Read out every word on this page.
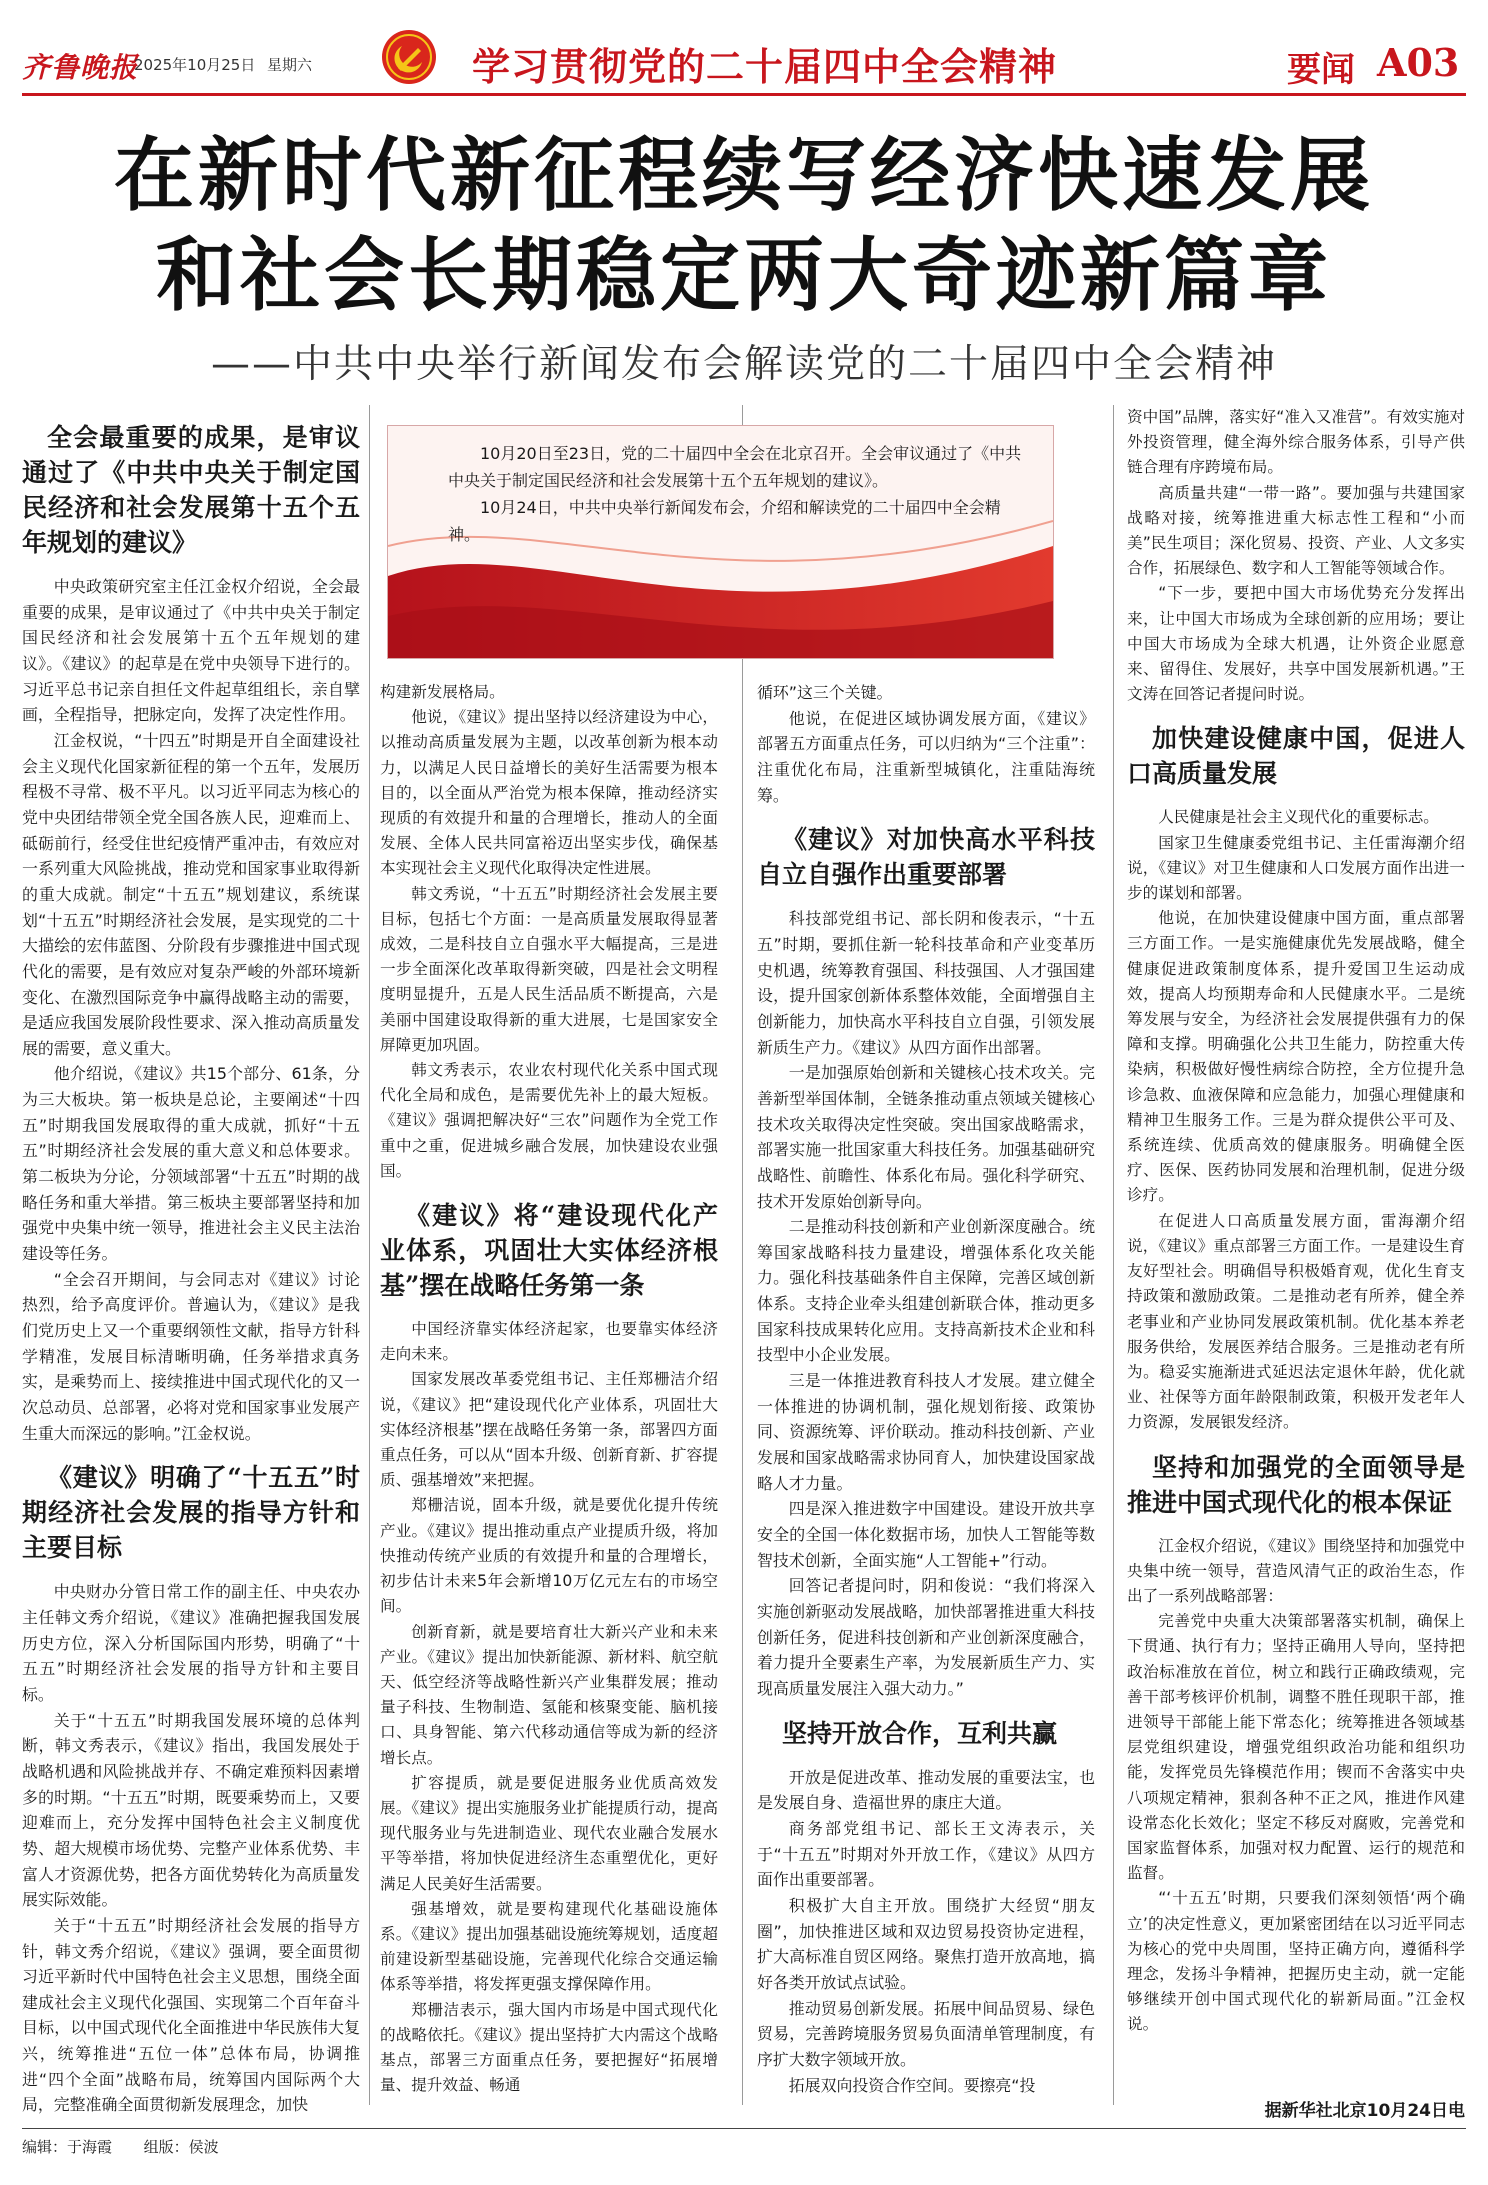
齐鲁晚报
2025年10月25日 星期六	学习贯彻党的二十届四中全会精神	要闻 A03
在新时代新征程续写经济快速发展
和社会长期稳定两大奇迹新篇章
——中共中央举行新闻发布会解读党的二十届四中全会精神

10月20日至23日，党的二十届四中全会在北京召开。全会审议通过了《中共中央关于制定国民经济和社会发展第十五个五年规划的建议》。

10月24日，中共中央举行新闻发布会，介绍和解读党的二十届四中全会精神。

全会最重要的成果，是审议通过了《中共中央关于制定国民经济和社会发展第十五个五年规划的建议》

中央政策研究室主任江金权介绍说，全会最重要的成果，是审议通过了《中共中央关于制定国民经济和社会发展第十五个五年规划的建议》。《建议》的起草是在党中央领导下进行的。习近平总书记亲自担任文件起草组组长，亲自擘画，全程指导，把脉定向，发挥了决定性作用。

江金权说，“十四五”时期是开自全面建设社会主义现代化国家新征程的第一个五年，发展历程极不寻常、极不平凡。以习近平同志为核心的党中央团结带领全党全国各族人民，迎难而上、砥砺前行，经受住世纪疫情严重冲击，有效应对一系列重大风险挑战，推动党和国家事业取得新的重大成就。制定“十五五”规划建议，系统谋划“十五五”时期经济社会发展，是实现党的二十大描绘的宏伟蓝图、分阶段有步骤推进中国式现代化的需要，是有效应对复杂严峻的外部环境新变化、在激烈国际竞争中赢得战略主动的需要，是适应我国发展阶段性要求、深入推动高质量发展的需要，意义重大。

他介绍说，《建议》共15个部分、61条，分为三大板块。第一板块是总论，主要阐述“十四五”时期我国发展取得的重大成就，抓好“十五五”时期经济社会发展的重大意义和总体要求。第二板块为分论，分领域部署“十五五”时期的战略任务和重大举措。第三板块主要部署坚持和加强党中央集中统一领导，推进社会主义民主法治建设等任务。

“全会召开期间，与会同志对《建议》讨论热烈，给予高度评价。普遍认为，《建议》是我们党历史上又一个重要纲领性文献，指导方针科学精准，发展目标清晰明确，任务举措求真务实，是乘势而上、接续推进中国式现代化的又一次总动员、总部署，必将对党和国家事业发展产生重大而深远的影响。”江金权说。

《建议》明确了“十五五”时期经济社会发展的指导方针和主要目标

中央财办分管日常工作的副主任、中央农办主任韩文秀介绍说，《建议》准确把握我国发展历史方位，深入分析国际国内形势，明确了“十五五”时期经济社会发展的指导方针和主要目标。

关于“十五五”时期我国发展环境的总体判断，韩文秀表示，《建议》指出，我国发展处于战略机遇和风险挑战并存、不确定难预料因素增多的时期。“十五五”时期，既要乘势而上，又要迎难而上，充分发挥中国特色社会主义制度优势、超大规模市场优势、完整产业体系优势、丰富人才资源优势，把各方面优势转化为高质量发展实际效能。

关于“十五五”时期经济社会发展的指导方针，韩文秀介绍说，《建议》强调，要全面贯彻习近平新时代中国特色社会主义思想，围绕全面建成社会主义现代化强国、实现第二个百年奋斗目标，以中国式现代化全面推进中华民族伟大复兴，统筹推进“五位一体”总体布局，协调推进“四个全面”战略布局，统筹国内国际两个大局，完整准确全面贯彻新发展理念，加快

构建新发展格局。

他说，《建议》提出坚持以经济建设为中心，以推动高质量发展为主题，以改革创新为根本动力，以满足人民日益增长的美好生活需要为根本目的，以全面从严治党为根本保障，推动经济实现质的有效提升和量的合理增长，推动人的全面发展、全体人民共同富裕迈出坚实步伐，确保基本实现社会主义现代化取得决定性进展。

韩文秀说，“十五五”时期经济社会发展主要目标，包括七个方面：一是高质量发展取得显著成效，二是科技自立自强水平大幅提高，三是进一步全面深化改革取得新突破，四是社会文明程度明显提升，五是人民生活品质不断提高，六是美丽中国建设取得新的重大进展，七是国家安全屏障更加巩固。

韩文秀表示，农业农村现代化关系中国式现代化全局和成色，是需要优先补上的最大短板。《建议》强调把解决好“三农”问题作为全党工作重中之重，促进城乡融合发展，加快建设农业强国。

《建议》将“建设现代化产业体系，巩固壮大实体经济根基”摆在战略任务第一条

中国经济靠实体经济起家，也要靠实体经济走向未来。

国家发展改革委党组书记、主任郑栅洁介绍说，《建议》把“建设现代化产业体系，巩固壮大实体经济根基”摆在战略任务第一条，部署四方面重点任务，可以从“固本升级、创新育新、扩容提质、强基增效”来把握。

郑栅洁说，固本升级，就是要优化提升传统产业。《建议》提出推动重点产业提质升级，将加快推动传统产业质的有效提升和量的合理增长，初步估计未来5年会新增10万亿元左右的市场空间。

创新育新，就是要培育壮大新兴产业和未来产业。《建议》提出加快新能源、新材料、航空航天、低空经济等战略性新兴产业集群发展；推动量子科技、生物制造、氢能和核聚变能、脑机接口、具身智能、第六代移动通信等成为新的经济增长点。

扩容提质，就是要促进服务业优质高效发展。《建议》提出实施服务业扩能提质行动，提高现代服务业与先进制造业、现代农业融合发展水平等举措，将加快促进经济生态重塑优化，更好满足人民美好生活需要。

强基增效，就是要构建现代化基础设施体系。《建议》提出加强基础设施统筹规划，适度超前建设新型基础设施，完善现代化综合交通运输体系等举措，将发挥更强支撑保障作用。

郑栅洁表示，强大国内市场是中国式现代化的战略依托。《建议》提出坚持扩大内需这个战略基点，部署三方面重点任务，要把握好“拓展增量、提升效益、畅通

循环”这三个关键。

他说，在促进区域协调发展方面，《建议》部署五方面重点任务，可以归纳为“三个注重”：注重优化布局，注重新型城镇化，注重陆海统筹。

《建议》对加快高水平科技自立自强作出重要部署

科技部党组书记、部长阴和俊表示，“十五五”时期，要抓住新一轮科技革命和产业变革历史机遇，统筹教育强国、科技强国、人才强国建设，提升国家创新体系整体效能，全面增强自主创新能力，加快高水平科技自立自强，引领发展新质生产力。《建议》从四方面作出部署。

一是加强原始创新和关键核心技术攻关。完善新型举国体制，全链条推动重点领域关键核心技术攻关取得决定性突破。突出国家战略需求，部署实施一批国家重大科技任务。加强基础研究战略性、前瞻性、体系化布局。强化科学研究、技术开发原始创新导向。

二是推动科技创新和产业创新深度融合。统筹国家战略科技力量建设，增强体系化攻关能力。强化科技基础条件自主保障，完善区域创新体系。支持企业牵头组建创新联合体，推动更多国家科技成果转化应用。支持高新技术企业和科技型中小企业发展。

三是一体推进教育科技人才发展。建立健全一体推进的协调机制，强化规划衔接、政策协同、资源统筹、评价联动。推动科技创新、产业发展和国家战略需求协同育人，加快建设国家战略人才力量。

四是深入推进数字中国建设。建设开放共享安全的全国一体化数据市场，加快人工智能等数智技术创新，全面实施“人工智能+”行动。

回答记者提问时，阴和俊说：“我们将深入实施创新驱动发展战略，加快部署推进重大科技创新任务，促进科技创新和产业创新深度融合，着力提升全要素生产率，为发展新质生产力、实现高质量发展注入强大动力。”

坚持开放合作，互利共赢

开放是促进改革、推动发展的重要法宝，也是发展自身、造福世界的康庄大道。

商务部党组书记、部长王文涛表示，关于“十五五”时期对外开放工作，《建议》从四方面作出重要部署。

积极扩大自主开放。围绕扩大经贸“朋友圈”，加快推进区域和双边贸易投资协定进程，扩大高标准自贸区网络。聚焦打造开放高地，搞好各类开放试点试验。

推动贸易创新发展。拓展中间品贸易、绿色贸易，完善跨境服务贸易负面清单管理制度，有序扩大数字领域开放。

拓展双向投资合作空间。要擦亮“投

资中国”品牌，落实好“准入又准营”。有效实施对外投资管理，健全海外综合服务体系，引导产供链合理有序跨境布局。

高质量共建“一带一路”。要加强与共建国家战略对接，统筹推进重大标志性工程和“小而美”民生项目；深化贸易、投资、产业、人文多实合作，拓展绿色、数字和人工智能等领域合作。

“下一步，要把中国大市场优势充分发挥出来，让中国大市场成为全球创新的应用场；要让中国大市场成为全球大机遇，让外资企业愿意来、留得住、发展好，共享中国发展新机遇。”王文涛在回答记者提问时说。

加快建设健康中国，促进人口高质量发展

人民健康是社会主义现代化的重要标志。

国家卫生健康委党组书记、主任雷海潮介绍说，《建议》对卫生健康和人口发展方面作出进一步的谋划和部署。

他说，在加快建设健康中国方面，重点部署三方面工作。一是实施健康优先发展战略，健全健康促进政策制度体系，提升爱国卫生运动成效，提高人均预期寿命和人民健康水平。二是统筹发展与安全，为经济社会发展提供强有力的保障和支撑。明确强化公共卫生能力，防控重大传染病，积极做好慢性病综合防控，全方位提升急诊急救、血液保障和应急能力，加强心理健康和精神卫生服务工作。三是为群众提供公平可及、系统连续、优质高效的健康服务。明确健全医疗、医保、医药协同发展和治理机制，促进分级诊疗。

在促进人口高质量发展方面，雷海潮介绍说，《建议》重点部署三方面工作。一是建设生育友好型社会。明确倡导积极婚育观，优化生育支持政策和激励政策。二是推动老有所养，健全养老事业和产业协同发展政策机制。优化基本养老服务供给，发展医养结合服务。三是推动老有所为。稳妥实施渐进式延迟法定退休年龄，优化就业、社保等方面年龄限制政策，积极开发老年人力资源，发展银发经济。

坚持和加强党的全面领导是推进中国式现代化的根本保证

江金权介绍说，《建议》围绕坚持和加强党中央集中统一领导，营造风清气正的政治生态，作出了一系列战略部署：

完善党中央重大决策部署落实机制，确保上下贯通、执行有力；坚持正确用人导向，坚持把政治标准放在首位，树立和践行正确政绩观，完善干部考核评价机制，调整不胜任现职干部，推进领导干部能上能下常态化；统筹推进各领域基层党组织建设，增强党组织政治功能和组织功能，发挥党员先锋模范作用；锲而不舍落实中央八项规定精神，狠刹各种不正之风，推进作风建设常态化长效化；坚定不移反对腐败，完善党和国家监督体系，加强对权力配置、运行的规范和监督。

“‘十五五’时期，只要我们深刻领悟‘两个确立’的决定性意义，更加紧密团结在以习近平同志为核心的党中央周围，坚持正确方向，遵循科学理念，发扬斗争精神，把握历史主动，就一定能够继续开创中国式现代化的崭新局面。”江金权说。

据新华社北京10月24日电
编辑：于海霞 组版：侯波
